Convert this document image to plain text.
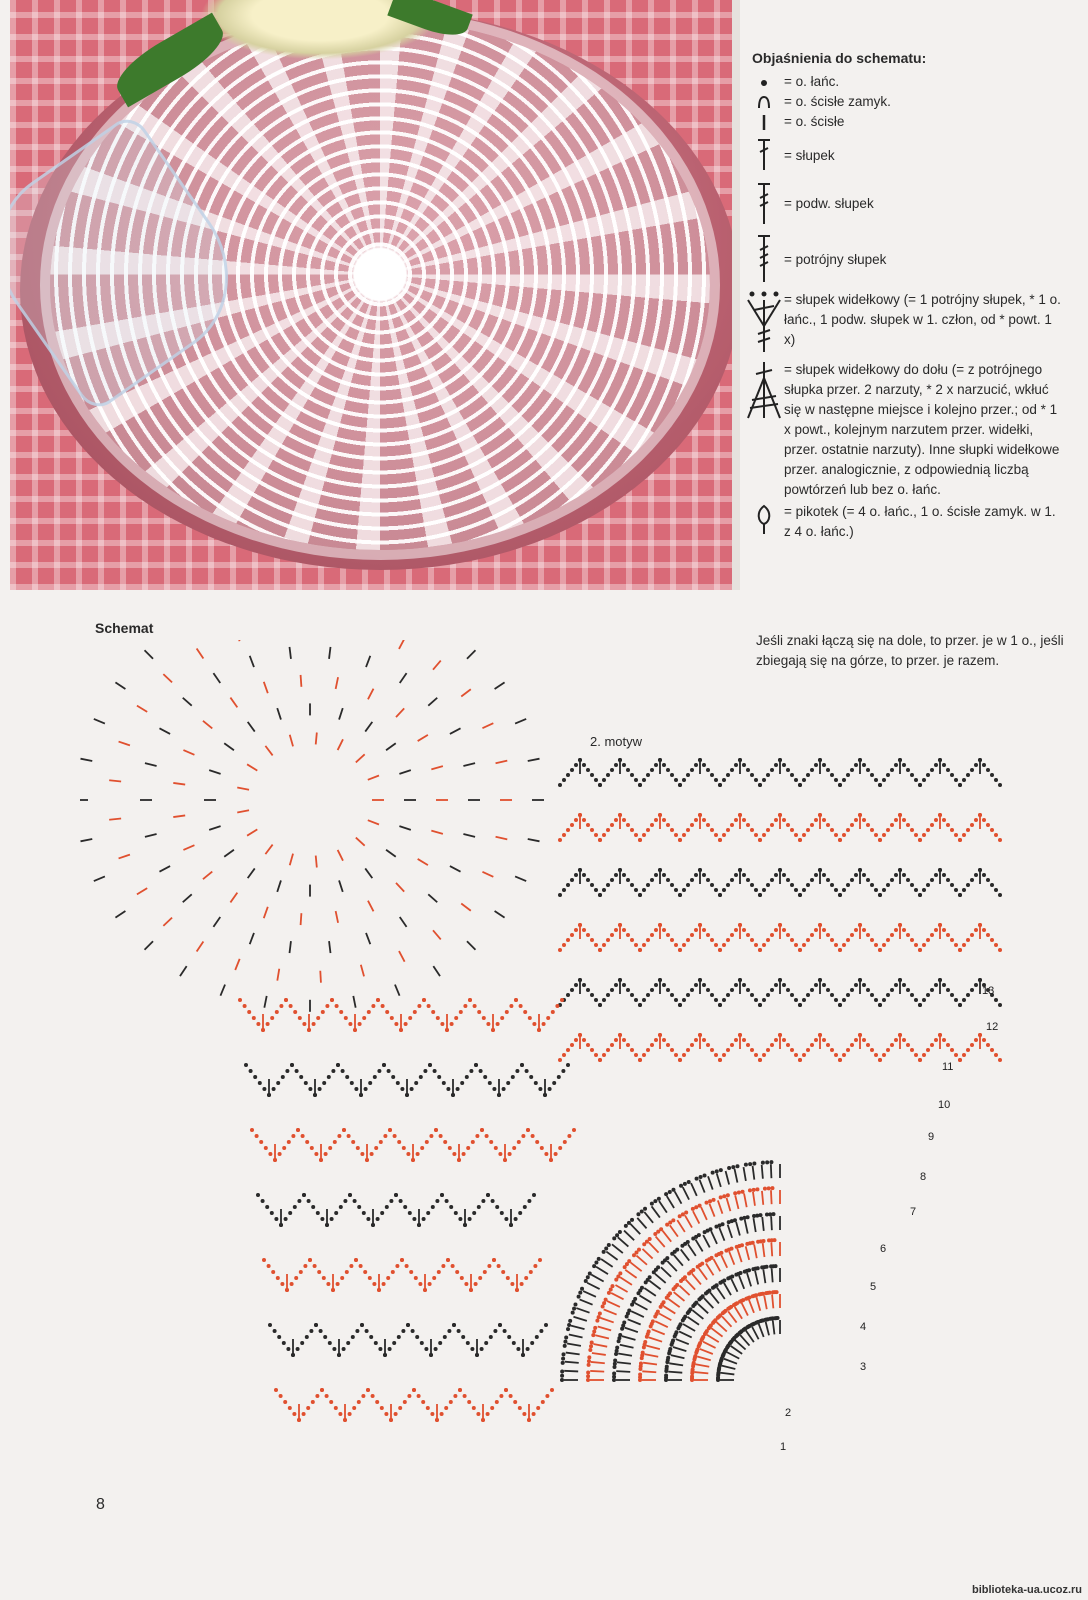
Objaśnienia do schematu:
= o. łańc.
= o. ścisłe zamyk.
= o. ścisłe
= słupek
= podw. słupek
= potrójny słupek
= słupek widełkowy (= 1 potrójny słupek, * 1 o. łańc., 1 podw. słupek w 1. człon, od * powt. 1 x)
= słupek widełkowy do dołu (= z potrójnego słupka przer. 2 narzuty, * 2 x narzucić, wkłuć się w następne miejsce i kolejno przer.; od * 1 x powt., kolejnym narzutem przer. widełki, przer. ostatnie narzuty). Inne słupki widełkowe przer. analogicznie, z odpowiednią liczbą powtórzeń lub bez o. łańc.
= pikotek (= 4 o. łańc., 1 o. ścisłe zamyk. w 1. z 4 o. łańc.)
Jeśli znaki łączą się na dole, to przer. je w 1 o., jeśli zbiegają się na górze, to przer. je razem.
Schemat
2. motyw
1
2
3
4
5
6
7
8
9
10
11
12
13
8
biblioteka-ua.ucoz.ru
